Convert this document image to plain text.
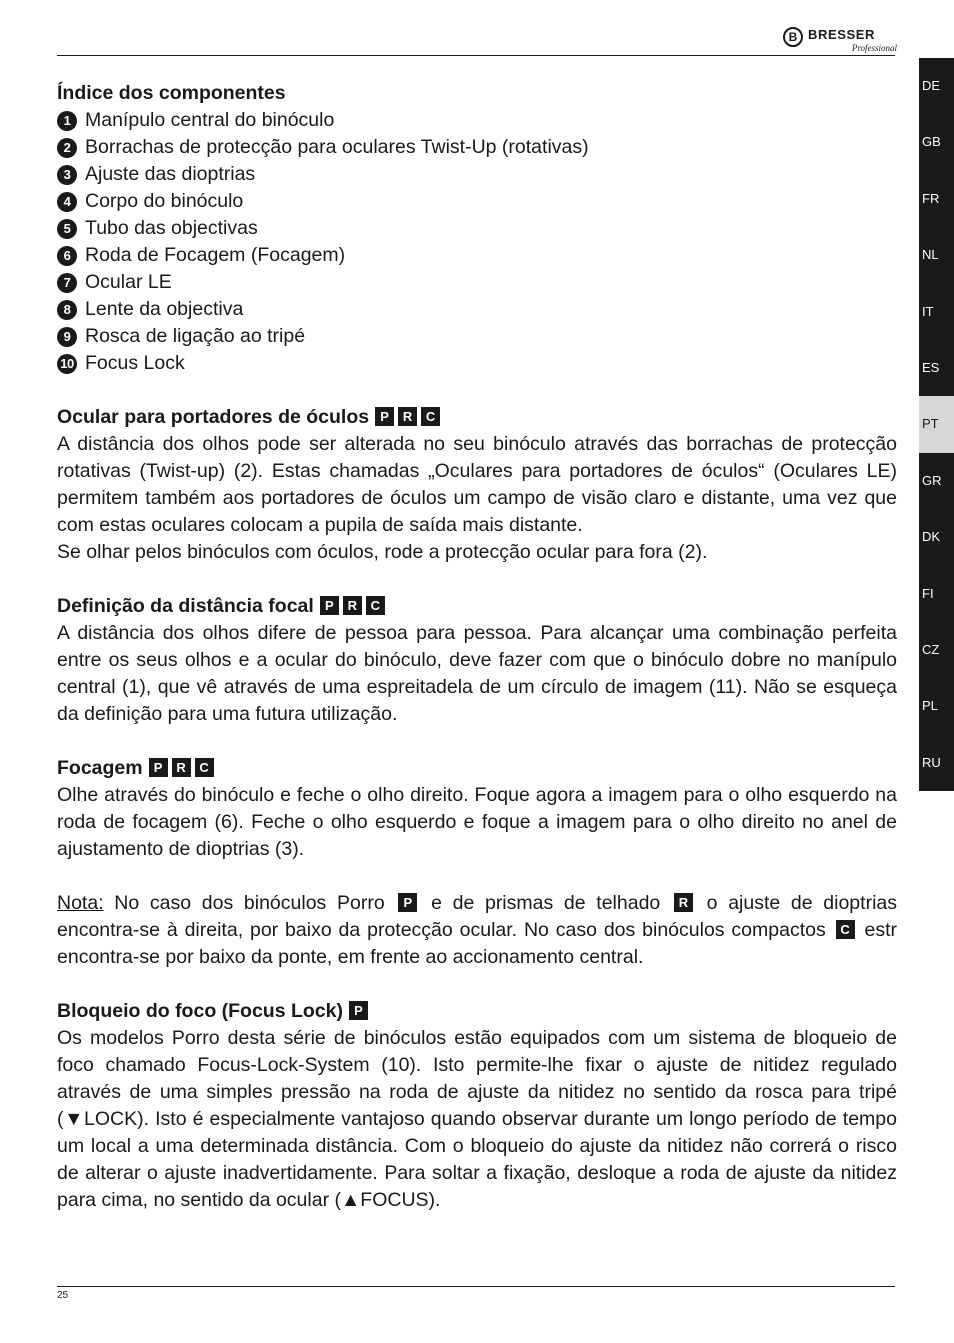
B
BRESSER
Professional
DE
GB
FR
NL
IT
ES
PT
GR
DK
FI
CZ
PL
RU

Índice dos componentes

1 Manípulo central do binóculo
2 Borrachas de protecção para oculares Twist-Up (rotativas)
3 Ajuste das dioptrias
4 Corpo do binóculo
5 Tubo das objectivas
6 Roda de Focagem (Focagem)
7 Ocular LE
8 Lente da objectiva
9 Rosca de ligação ao tripé
10 Focus Lock

Ocular para portadores de óculos P R C

A distância dos olhos pode ser alterada no seu binóculo através das borrachas de protecção rotativas (Twist-up) (2). Estas chamadas „Oculares para portadores de óculos“ (Oculares LE) permitem também aos portadores de óculos um campo de visão claro e distante, uma vez que com estas oculares colocam a pupila de saída mais distante.

Se olhar pelos binóculos com óculos, rode a protecção ocular para fora (2).

Definição da distância focal P R C

A distância dos olhos difere de pessoa para pessoa. Para alcançar uma combinação perfeita entre os seus olhos e a ocular do binóculo, deve fazer com que o binóculo dobre no manípulo central (1), que vê através de uma espreitadela de um círculo de imagem (11). Não se esqueça da definição para uma futura utilização.

Focagem P R C

Olhe através do binóculo e feche o olho direito. Foque agora a imagem para o olho esquerdo na roda de focagem (6). Feche o olho esquerdo e foque a imagem para o olho direito no anel de ajustamento de dioptrias (3).

Nota: No caso dos binóculos Porro P e de prismas de telhado R o ajuste de dioptrias encontra-se à direita, por baixo da protecção ocular. No caso dos binóculos compactos C estr encontra-se por baixo da ponte, em frente ao accionamento central.

Bloqueio do foco (Focus Lock) P

Os modelos Porro desta série de binóculos estão equipados com um sistema de bloqueio de foco chamado Focus-Lock-System (10). Isto permite-lhe fixar o ajuste de nitidez regulado através de uma simples pressão na roda de ajuste da nitidez no sentido da rosca para tripé (▼LOCK). Isto é especialmente vantajoso quando observar durante um longo período de tempo um local a uma determinada distância. Com o bloqueio do ajuste da nitidez não correrá o risco de alterar o ajuste inadvertidamente. Para soltar a fixação, desloque a roda de ajuste da nitidez para cima, no sentido da ocular (▲FOCUS).

25
